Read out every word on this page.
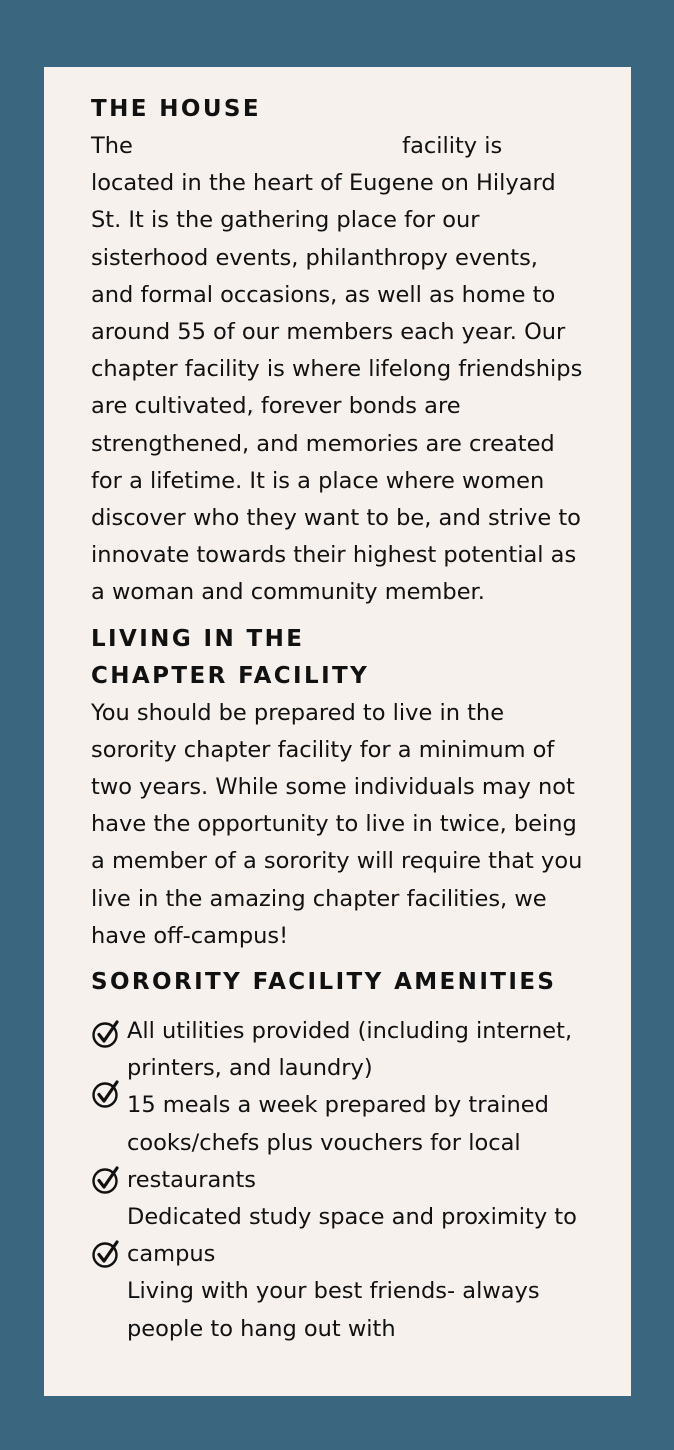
THE HOUSE

The	facility is located in the heart of Eugene on Hilyard St. It is the gathering place for our sisterhood events, philanthropy events, and formal occasions, as well as home to around 55 of our members each year. Our chapter facility is where lifelong friendships are cultivated, forever bonds are strengthened, and memories are created for a lifetime. It is a place where women discover who they want to be, and strive to innovate towards their highest potential as a woman and community member.

LIVING IN THE CHAPTER FACILITY

You should be prepared to live in the sorority chapter facility for a minimum of two years. While some individuals may not have the opportunity to live in twice, being a member of a sorority will require that you live in the amazing chapter facilities, we have off-campus!

SORORITY FACILITY AMENITIES
All utilities provided (including internet, printers, and laundry)
15 meals a week prepared by trained cooks/chefs plus vouchers for local restaurants
Dedicated study space and proximity to campus
Living with your best friends- always people to hang out with
